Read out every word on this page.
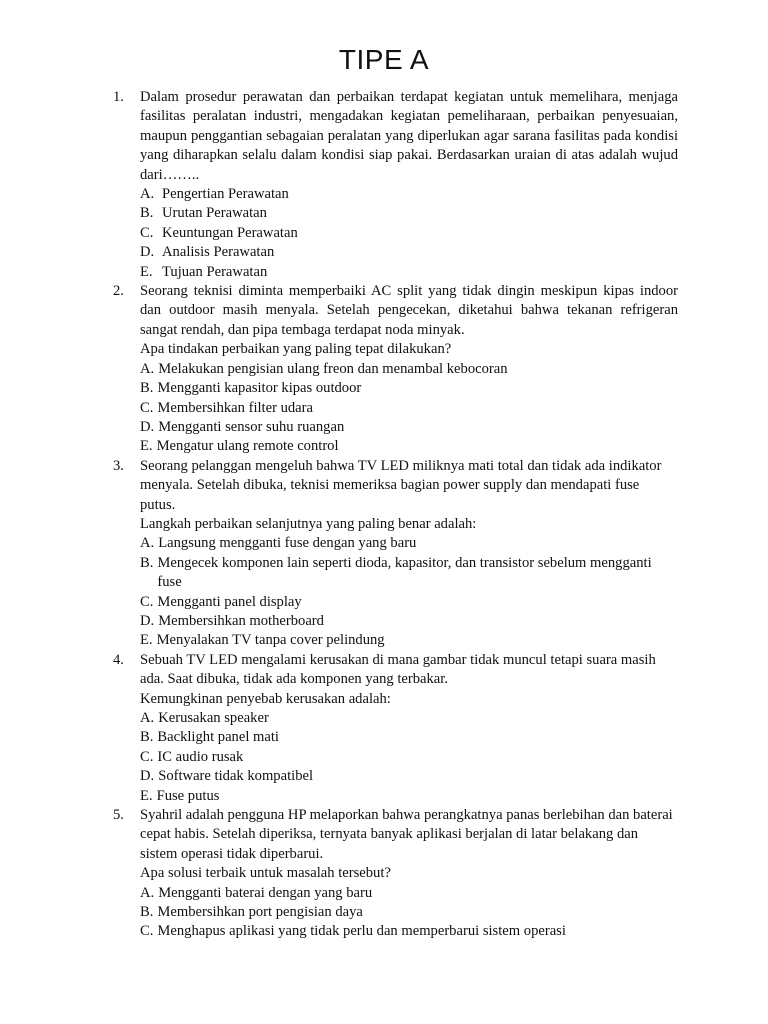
TIPE A
1. Dalam prosedur perawatan dan perbaikan terdapat kegiatan untuk memelihara, menjaga fasilitas peralatan industri, mengadakan kegiatan pemeliharaan, perbaikan penyesuaian, maupun penggantian sebagaian peralatan yang diperlukan agar sarana fasilitas pada kondisi yang diharapkan selalu dalam kondisi siap pakai. Berdasarkan uraian di atas adalah wujud dari……..
A. Pengertian Perawatan
B. Urutan Perawatan
C. Keuntungan Perawatan
D. Analisis Perawatan
E. Tujuan Perawatan
2. Seorang teknisi diminta memperbaiki AC split yang tidak dingin meskipun kipas indoor dan outdoor masih menyala. Setelah pengecekan, diketahui bahwa tekanan refrigeran sangat rendah, dan pipa tembaga terdapat noda minyak.
Apa tindakan perbaikan yang paling tepat dilakukan?
A. Melakukan pengisian ulang freon dan menambal kebocoran
B. Mengganti kapasitor kipas outdoor
C. Membersihkan filter udara
D. Mengganti sensor suhu ruangan
E. Mengatur ulang remote control
3. Seorang pelanggan mengeluh bahwa TV LED miliknya mati total dan tidak ada indikator menyala. Setelah dibuka, teknisi memeriksa bagian power supply dan mendapati fuse putus.
Langkah perbaikan selanjutnya yang paling benar adalah:
A. Langsung mengganti fuse dengan yang baru
B. Mengecek komponen lain seperti dioda, kapasitor, dan transistor sebelum mengganti fuse
C. Mengganti panel display
D. Membersihkan motherboard
E. Menyalakan TV tanpa cover pelindung
4. Sebuah TV LED mengalami kerusakan di mana gambar tidak muncul tetapi suara masih ada. Saat dibuka, tidak ada komponen yang terbakar.
Kemungkinan penyebab kerusakan adalah:
A. Kerusakan speaker
B. Backlight panel mati
C. IC audio rusak
D. Software tidak kompatibel
E. Fuse putus
5. Syahril adalah pengguna HP melaporkan bahwa perangkatnya panas berlebihan dan baterai cepat habis. Setelah diperiksa, ternyata banyak aplikasi berjalan di latar belakang dan sistem operasi tidak diperbarui.
Apa solusi terbaik untuk masalah tersebut?
A. Mengganti baterai dengan yang baru
B. Membersihkan port pengisian daya
C. Menghapus aplikasi yang tidak perlu dan memperbarui sistem operasi
